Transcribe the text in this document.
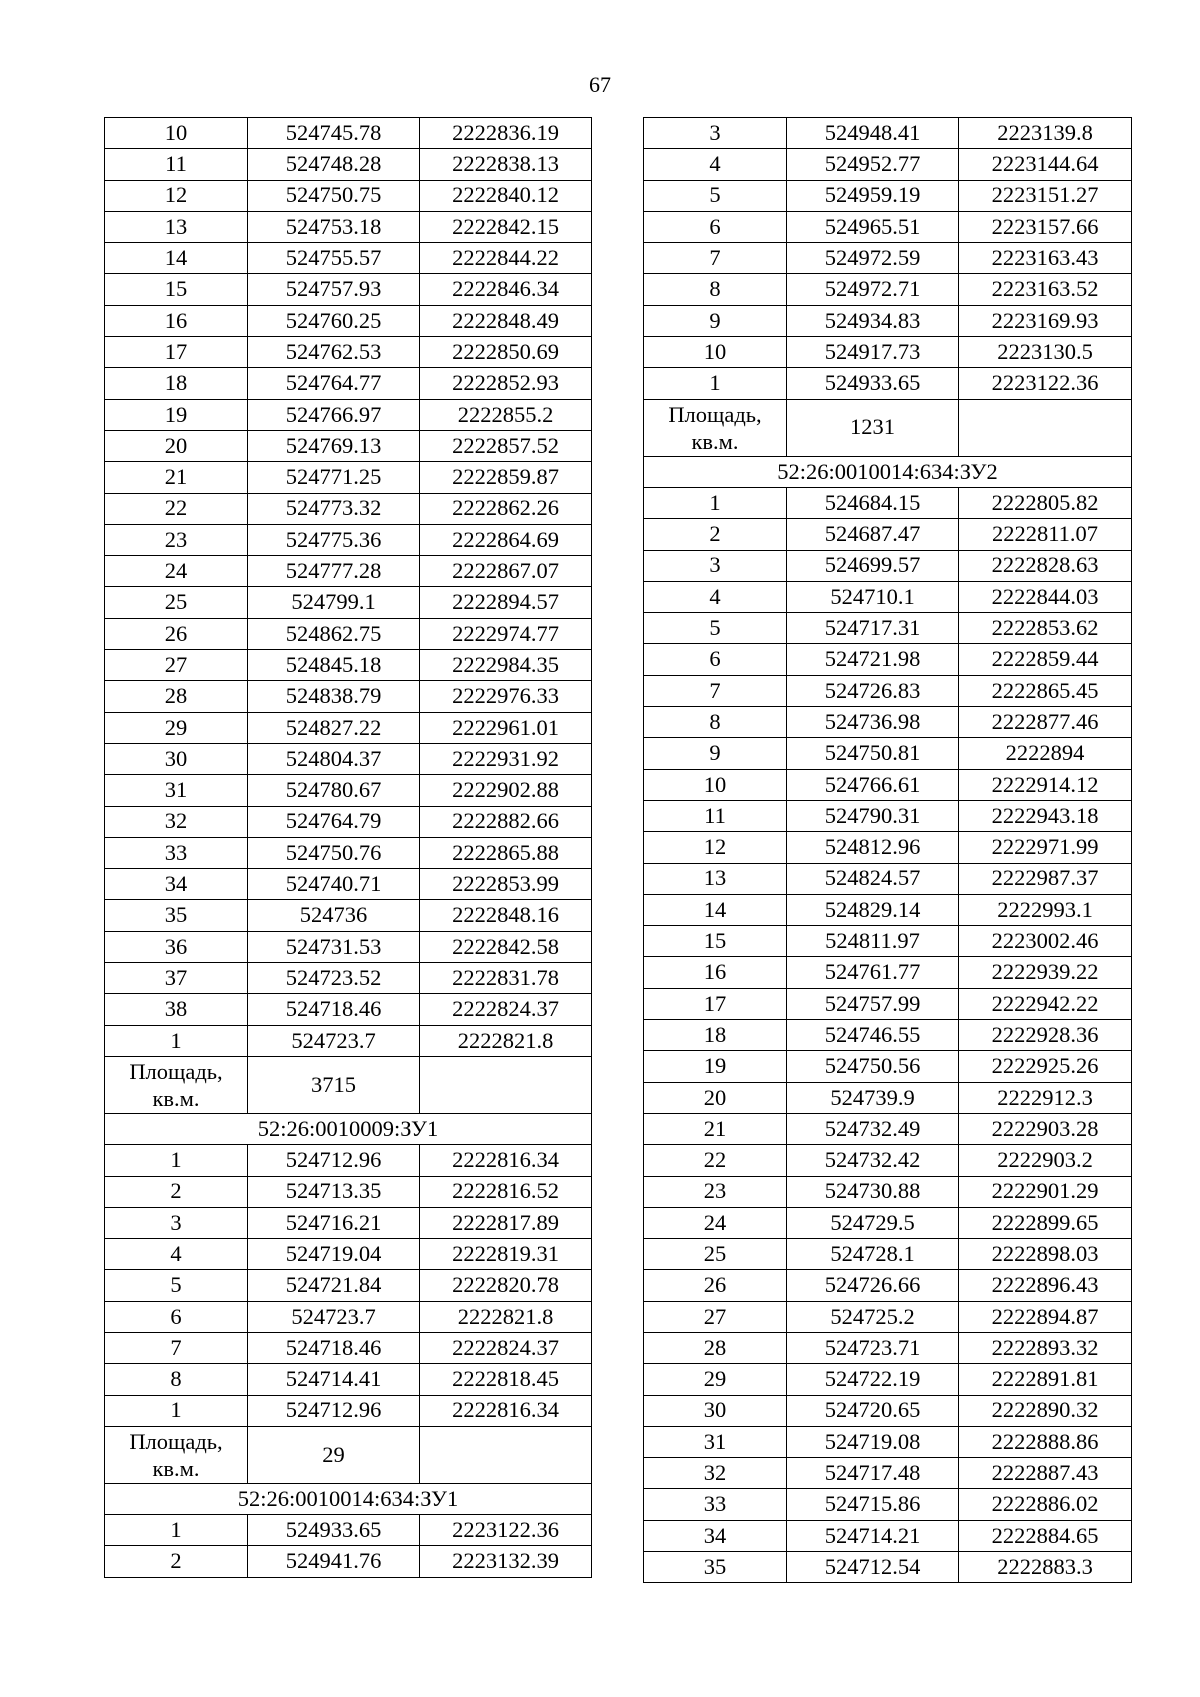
67
10	524745.78	2222836.19
11	524748.28	2222838.13
12	524750.75	2222840.12
13	524753.18	2222842.15
14	524755.57	2222844.22
15	524757.93	2222846.34
16	524760.25	2222848.49
17	524762.53	2222850.69
18	524764.77	2222852.93
19	524766.97	2222855.2
20	524769.13	2222857.52
21	524771.25	2222859.87
22	524773.32	2222862.26
23	524775.36	2222864.69
24	524777.28	2222867.07
25	524799.1	2222894.57
26	524862.75	2222974.77
27	524845.18	2222984.35
28	524838.79	2222976.33
29	524827.22	2222961.01
30	524804.37	2222931.92
31	524780.67	2222902.88
32	524764.79	2222882.66
33	524750.76	2222865.88
34	524740.71	2222853.99
35	524736	2222848.16
36	524731.53	2222842.58
37	524723.52	2222831.78
38	524718.46	2222824.37
1	524723.7	2222821.8
Площадь, кв.м.	3715	
52:26:0010009:ЗУ1		
1	524712.96	2222816.34
2	524713.35	2222816.52
3	524716.21	2222817.89
4	524719.04	2222819.31
5	524721.84	2222820.78
6	524723.7	2222821.8
7	524718.46	2222824.37
8	524714.41	2222818.45
1	524712.96	2222816.34
Площадь, кв.м.	29	
52:26:0010014:634:ЗУ1		
1	524933.65	2223122.36
2	524941.76	2223132.39
3	524948.41	2223139.8
4	524952.77	2223144.64
5	524959.19	2223151.27
6	524965.51	2223157.66
7	524972.59	2223163.43
8	524972.71	2223163.52
9	524934.83	2223169.93
10	524917.73	2223130.5
1	524933.65	2223122.36
Площадь, кв.м.	1231	
52:26:0010014:634:ЗУ2		
1	524684.15	2222805.82
2	524687.47	2222811.07
3	524699.57	2222828.63
4	524710.1	2222844.03
5	524717.31	2222853.62
6	524721.98	2222859.44
7	524726.83	2222865.45
8	524736.98	2222877.46
9	524750.81	2222894
10	524766.61	2222914.12
11	524790.31	2222943.18
12	524812.96	2222971.99
13	524824.57	2222987.37
14	524829.14	2222993.1
15	524811.97	2223002.46
16	524761.77	2222939.22
17	524757.99	2222942.22
18	524746.55	2222928.36
19	524750.56	2222925.26
20	524739.9	2222912.3
21	524732.49	2222903.28
22	524732.42	2222903.2
23	524730.88	2222901.29
24	524729.5	2222899.65
25	524728.1	2222898.03
26	524726.66	2222896.43
27	524725.2	2222894.87
28	524723.71	2222893.32
29	524722.19	2222891.81
30	524720.65	2222890.32
31	524719.08	2222888.86
32	524717.48	2222887.43
33	524715.86	2222886.02
34	524714.21	2222884.65
35	524712.54	2222883.3
